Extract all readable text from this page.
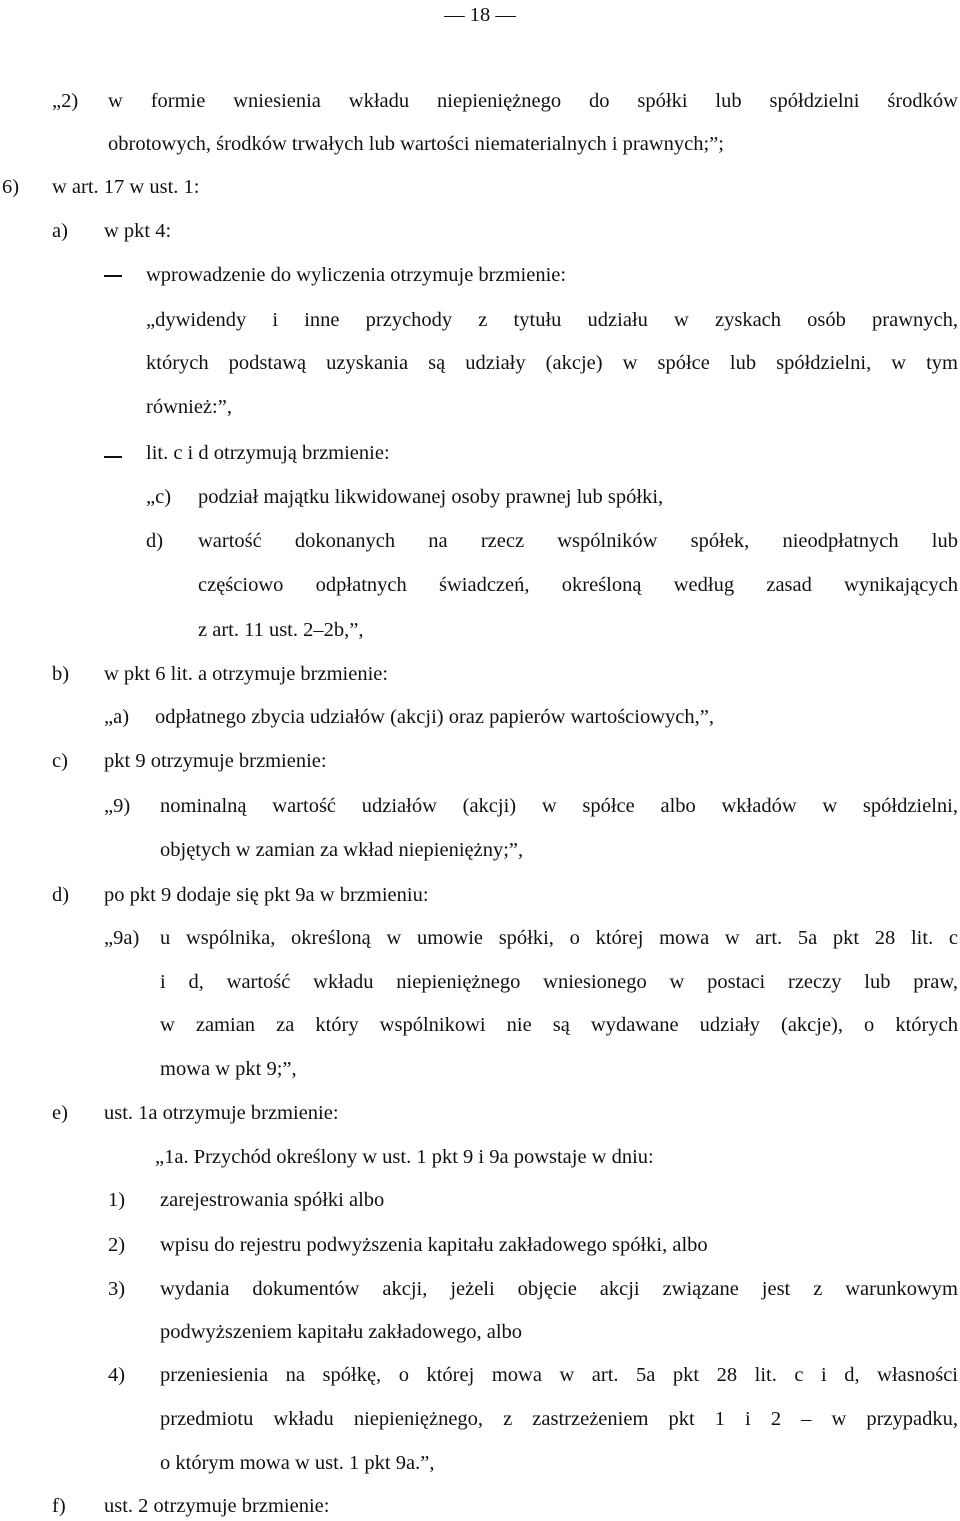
— 18 —
„2) w formie wniesienia wkładu niepieniężnego do spółki lub spółdzielni środków
obrotowych, środków trwałych lub wartości niematerialnych i prawnych;”;
6) w art. 17 w ust. 1:
a) w pkt 4:
wprowadzenie do wyliczenia otrzymuje brzmienie:
„dywidendy i inne przychody z tytułu udziału w zyskach osób prawnych,
których podstawą uzyskania są udziały (akcje) w spółce lub spółdzielni, w tym
również:”,
lit. c i d otrzymują brzmienie:
„c) podział majątku likwidowanej osoby prawnej lub spółki,
d) wartość dokonanych na rzecz wspólników spółek, nieodpłatnych lub
częściowo odpłatnych świadczeń, określoną według zasad wynikających
z art. 11 ust. 2–2b,”,
b) w pkt 6 lit. a otrzymuje brzmienie:
„a) odpłatnego zbycia udziałów (akcji) oraz papierów wartościowych,”,
c) pkt 9 otrzymuje brzmienie:
„9) nominalną wartość udziałów (akcji) w spółce albo wkładów w spółdzielni,
objętych w zamian za wkład niepieniężny;”,
d) po pkt 9 dodaje się pkt 9a w brzmieniu:
„9a) u wspólnika, określoną w umowie spółki, o której mowa w art. 5a pkt 28 lit. c
i d, wartość wkładu niepieniężnego wniesionego w postaci rzeczy lub praw,
w zamian za który wspólnikowi nie są wydawane udziały (akcje), o których
mowa w pkt 9;”,
e) ust. 1a otrzymuje brzmienie:
„1a. Przychód określony w ust. 1 pkt 9 i 9a powstaje w dniu:
1) zarejestrowania spółki albo
2) wpisu do rejestru podwyższenia kapitału zakładowego spółki, albo
3) wydania dokumentów akcji, jeżeli objęcie akcji związane jest z warunkowym
podwyższeniem kapitału zakładowego, albo
4) przeniesienia na spółkę, o której mowa w art. 5a pkt 28 lit. c i d, własności
przedmiotu wkładu niepieniężnego, z zastrzeżeniem pkt 1 i 2 – w przypadku,
o którym mowa w ust. 1 pkt 9a.”,
f) ust. 2 otrzymuje brzmienie:
